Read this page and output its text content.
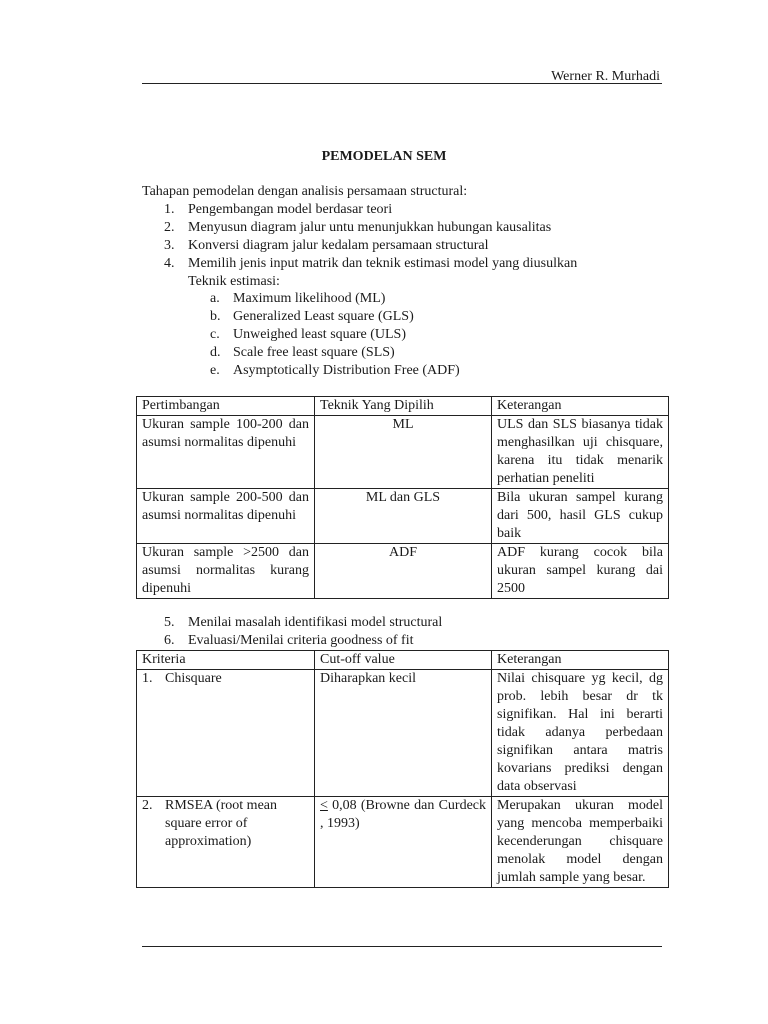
Werner R. Murhadi
PEMODELAN SEM
Tahapan pemodelan dengan analisis persamaan structural:
1. Pengembangan model berdasar teori
2. Menyusun diagram jalur untu menunjukkan hubungan kausalitas
3. Konversi diagram jalur kedalam persamaan structural
4. Memilih jenis input matrik dan teknik estimasi model yang diusulkan
Teknik estimasi:
a. Maximum likelihood (ML)
b. Generalized Least square (GLS)
c. Unweighed least square (ULS)
d. Scale free least square (SLS)
e. Asymptotically Distribution Free (ADF)
Pertimbangan	Teknik Yang Dipilih	Keterangan
Ukuran sample 100-200 dan asumsi normalitas dipenuhi	ML	ULS dan SLS biasanya tidak menghasilkan uji chisquare, karena itu tidak menarik perhatian peneliti
Ukuran sample 200-500 dan asumsi normalitas dipenuhi	ML dan GLS	Bila ukuran sampel kurang dari 500, hasil GLS cukup baik
Ukuran sample >2500 dan asumsi normalitas kurang dipenuhi	ADF	ADF kurang cocok bila ukuran sampel kurang dai 2500
5. Menilai masalah identifikasi model structural
6. Evaluasi/Menilai criteria goodness of fit
Kriteria	Cut-off value	Keterangan

1. Chisquare	Diharapkan kecil	Nilai chisquare yg kecil, dg prob. lebih besar dr tk signifikan. Hal ini berarti tidak adanya perbedaan signifikan antara matris kovarians prediksi dengan data observasi

2. RMSEA (root mean square error of approximation)	≤ 0,08 (Browne dan Curdeck , 1993)	Merupakan ukuran model yang mencoba memperbaiki kecenderungan chisquare menolak model dengan jumlah sample yang besar.
